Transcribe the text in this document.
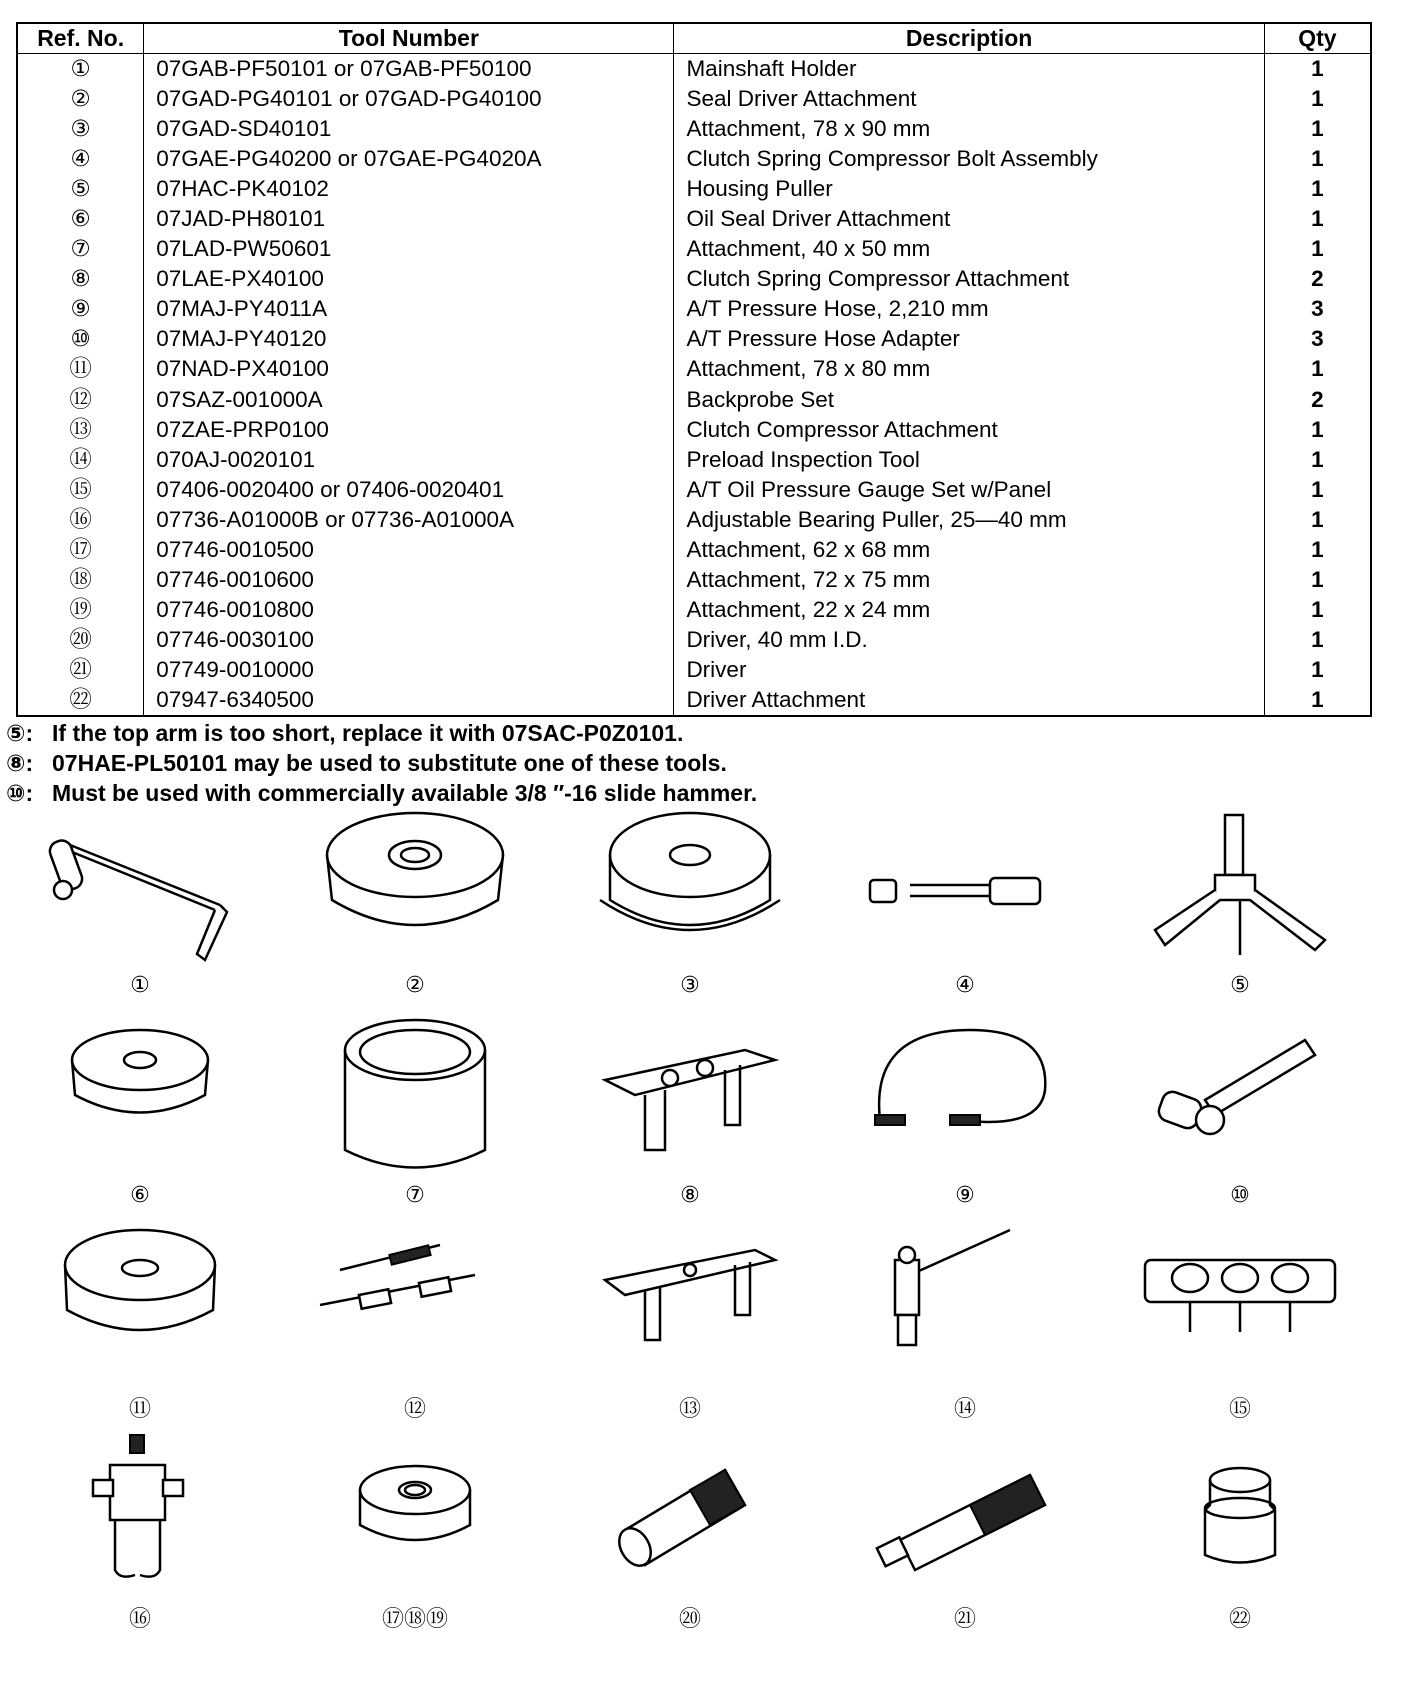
Ref. No.	Tool Number	Description	Qty
①	07GAB-PF50101 or 07GAB-PF50100	Mainshaft Holder	1
②	07GAD-PG40101 or 07GAD-PG40100	Seal Driver Attachment	1
③	07GAD-SD40101	Attachment, 78 x 90 mm	1
④	07GAE-PG40200 or 07GAE-PG4020A	Clutch Spring Compressor Bolt Assembly	1
⑤	07HAC-PK40102	Housing Puller	1
⑥	07JAD-PH80101	Oil Seal Driver Attachment	1
⑦	07LAD-PW50601	Attachment, 40 x 50 mm	1
⑧	07LAE-PX40100	Clutch Spring Compressor Attachment	2
⑨	07MAJ-PY4011A	A/T Pressure Hose, 2,210 mm	3
⑩	07MAJ-PY40120	A/T Pressure Hose Adapter	3
⑪	07NAD-PX40100	Attachment, 78 x 80 mm	1
⑫	07SAZ-001000A	Backprobe Set	2
⑬	07ZAE-PRP0100	Clutch Compressor Attachment	1
⑭	070AJ-0020101	Preload Inspection Tool	1
⑮	07406-0020400 or 07406-0020401	A/T Oil Pressure Gauge Set w/Panel	1
⑯	07736-A01000B or 07736-A01000A	Adjustable Bearing Puller, 25—40 mm	1
⑰	07746-0010500	Attachment, 62 x 68 mm	1
⑱	07746-0010600	Attachment, 72 x 75 mm	1
⑲	07746-0010800	Attachment, 22 x 24 mm	1
⑳	07746-0030100	Driver, 40 mm I.D.	1
㉑	07749-0010000	Driver	1
㉒	07947-6340500	Driver Attachment	1
⑤: If the top arm is too short, replace it with 07SAC-P0Z0101.
⑧: 07HAE-PL50101 may be used to substitute one of these tools.
⑩: Must be used with commercially available 3/8 ″-16 slide hammer.
①	②	③	④	⑤
⑥	⑦	⑧	⑨	⑩
⑪	⑫	⑬	⑭	⑮
⑯	⑰⑱⑲	⑳	㉑	㉒
